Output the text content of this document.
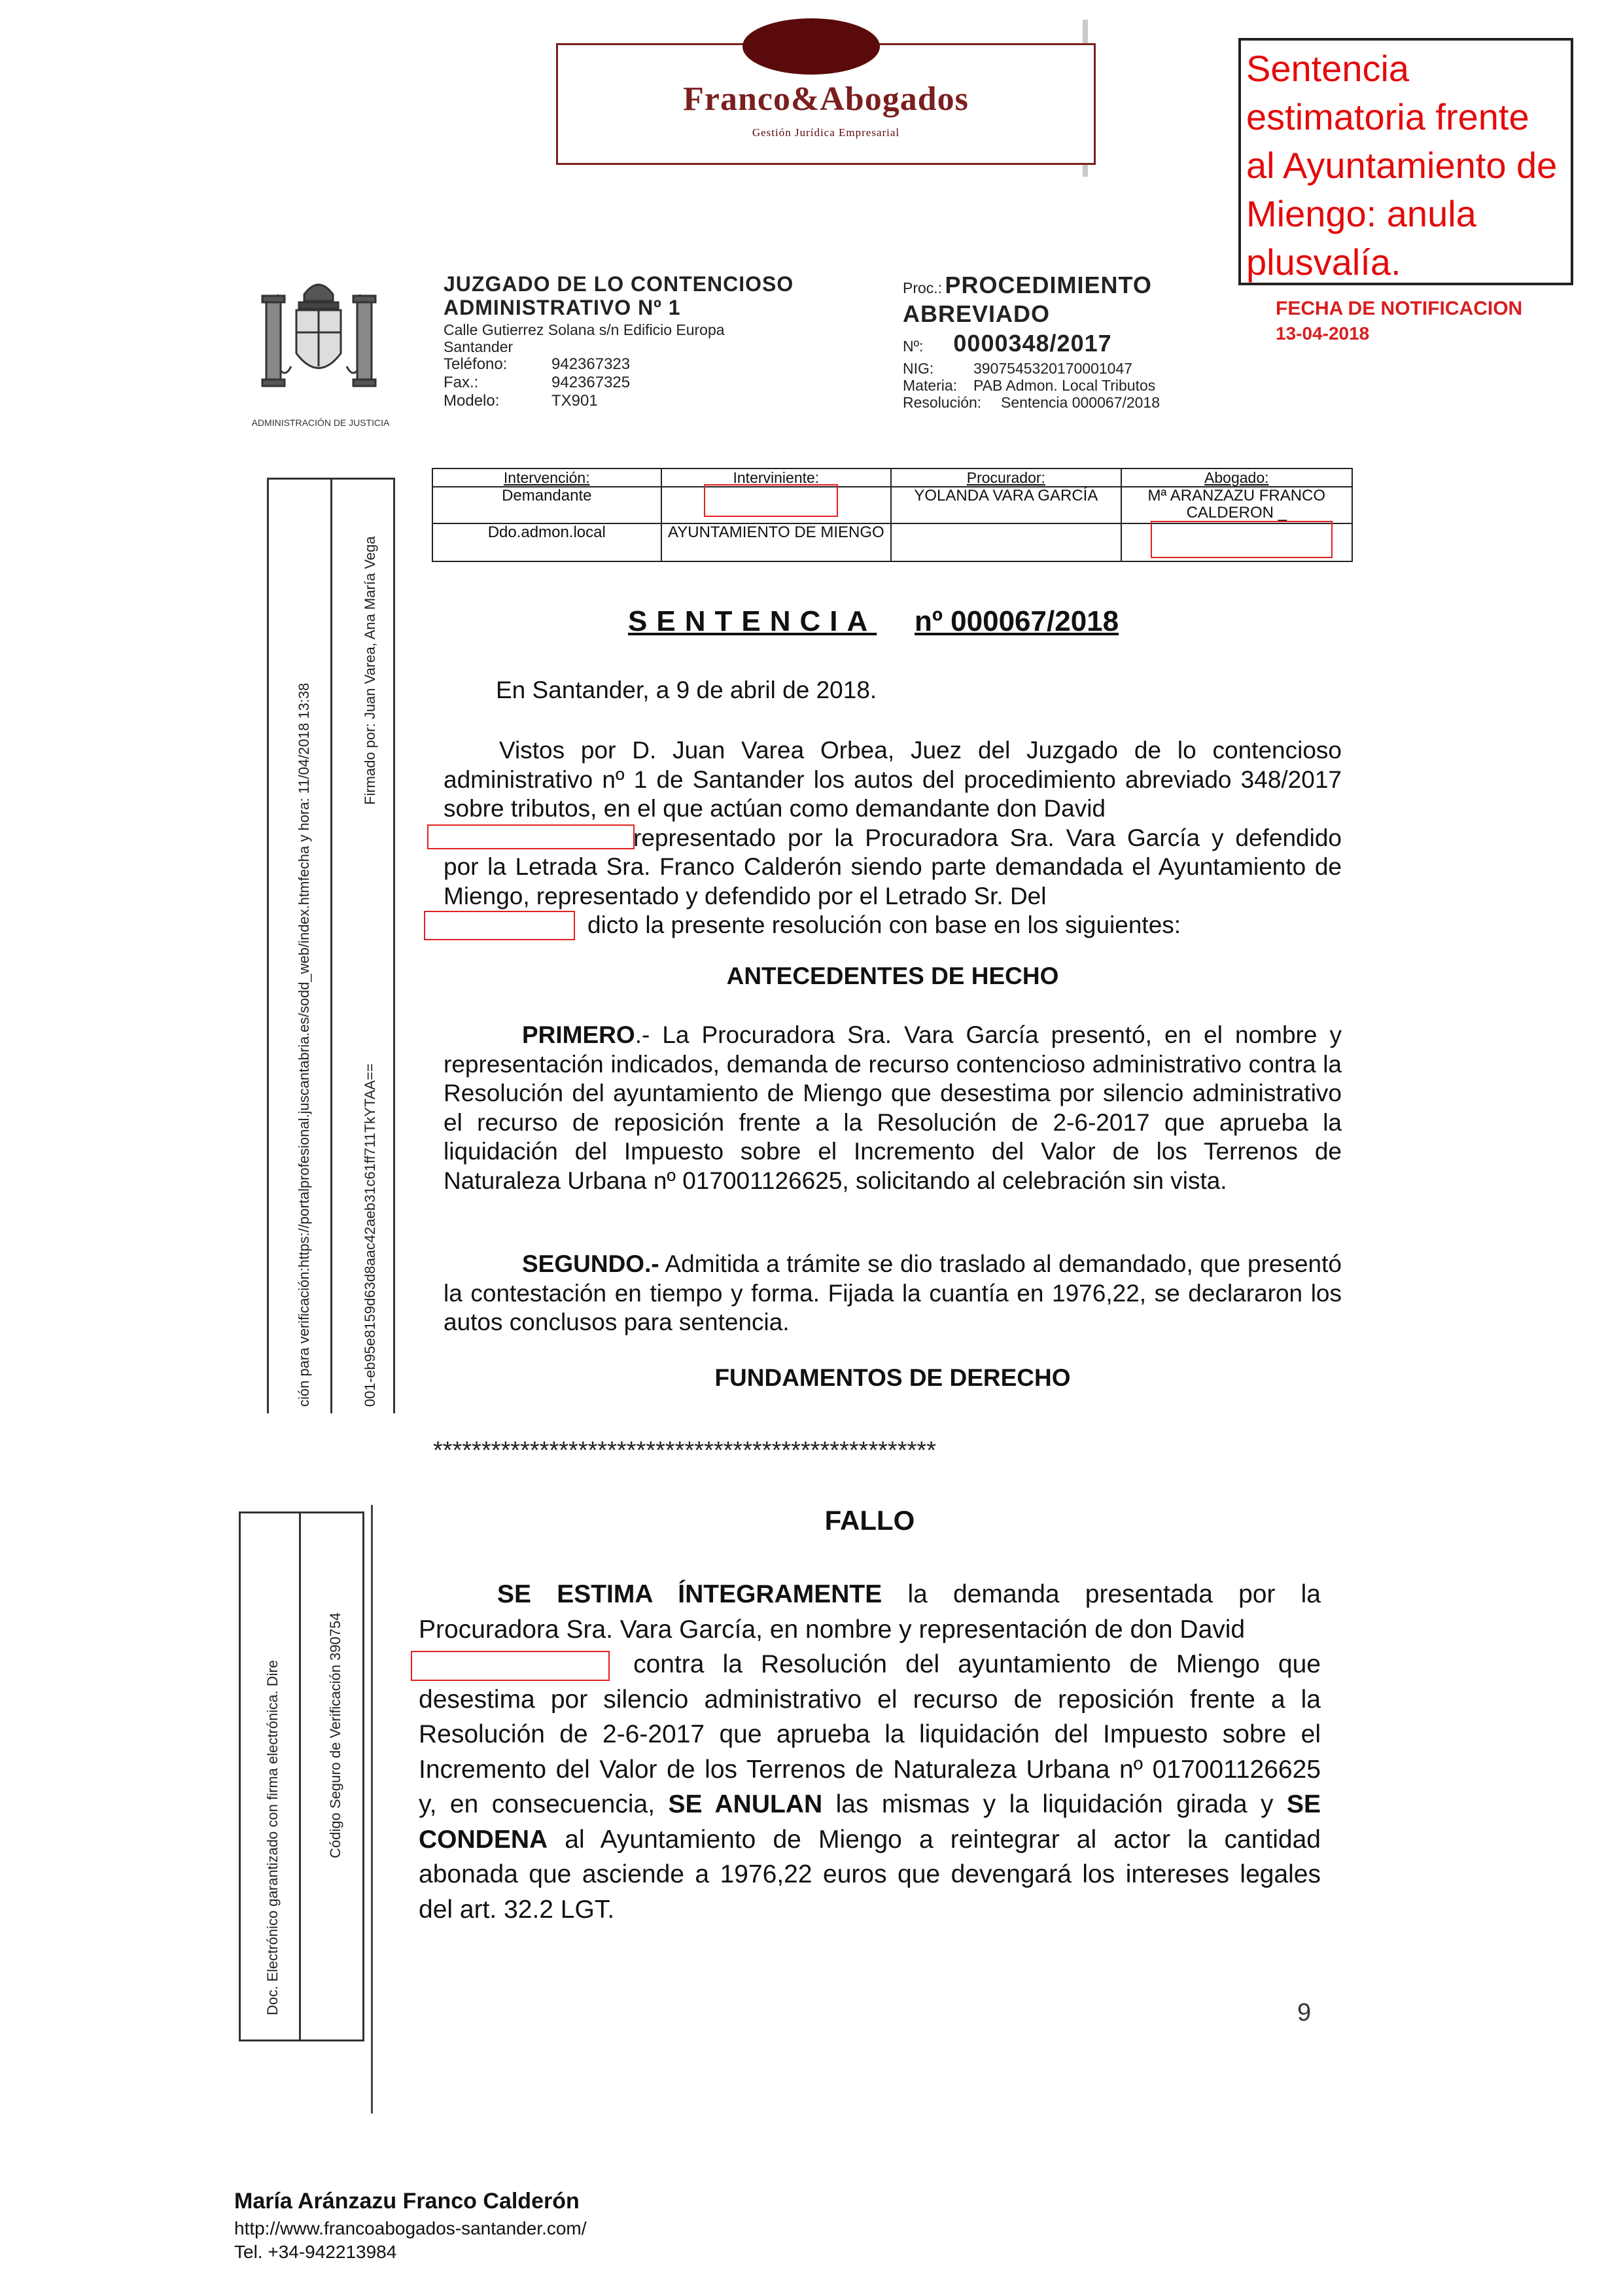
Franco&Abogados
Gestión Jurídica Empresarial
Sentencia estimatoria frente al Ayuntamiento de Miengo: anula plusvalía.
FECHA DE NOTIFICACION
13-04-2018
ADMINISTRACIÓN DE JUSTICIA
JUZGADO DE LO CONTENCIOSO
ADMINISTRATIVO Nº 1
Calle Gutierrez Solana s/n Edificio Europa
Santander
Teléfono:	942367323
Fax.:	942367325
Modelo:	TX901
Proc.: PROCEDIMIENTO
ABREVIADO
Nº: 0000348/2017
NIG:	3907545320170001047
Materia: PAB Admon. Local Tributos
Resolución: Sentencia 000067/2018
ción para verificación:https://portalprofesional.juscantabria.es/sodd_web/index.htmfecha y hora: 11/04/2018 13:38
Firmado por: Juan Varea, Ana María Vega
001-eb95e8159d63d8aac42aeb31c61ff711TkYTAA==
Doc. Electrónico garantizado con firma electrónica. Dire	Código Seguro de Verificación 390754
Intervención:	Interviniente:	Procurador:	Abogado:
Demandante		YOLANDA VARA GARCÍA	Mª ARANZAZU FRANCO CALDERON _
Ddo.admon.local	AYUNTAMIENTO DE MIENGO		
SENTENCIA nº 000067/2018
En Santander, a 9 de abril de 2018.
Vistos por D. Juan Varea Orbea, Juez del Juzgado de lo contencioso administrativo nº 1 de Santander los autos del procedimiento abreviado 348/2017 sobre tributos, en el que actúan como demandante don David
representado por la Procuradora Sra. Vara García y defendido por la Letrada Sra. Franco Calderón siendo parte demandada el Ayuntamiento de Miengo, representado y defendido por el Letrado Sr. Del
dicto la presente resolución con base en los siguientes:
ANTECEDENTES DE HECHO
PRIMERO.- La Procuradora Sra. Vara García presentó, en el nombre y representación indicados, demanda de recurso contencioso administrativo contra la Resolución del ayuntamiento de Miengo que desestima por silencio administrativo el recurso de reposición frente a la Resolución de 2-6-2017 que aprueba la liquidación del Impuesto sobre el Incremento del Valor de los Terrenos de Naturaleza Urbana nº 017001126625, solicitando al celebración sin vista.
SEGUNDO.- Admitida a trámite se dio traslado al demandado, que presentó la contestación en tiempo y forma. Fijada la cuantía en 1976,22, se declararon los autos conclusos para sentencia.
FUNDAMENTOS DE DERECHO
****************************************************
FALLO
SE ESTIMA ÍNTEGRAMENTE la demanda presentada por la Procuradora Sra. Vara García, en nombre y representación de don David
contra la Resolución del ayuntamiento de Miengo que desestima por silencio administrativo el recurso de reposición frente a la Resolución de 2-6-2017 que aprueba la liquidación del Impuesto sobre el Incremento del Valor de los Terrenos de Naturaleza Urbana nº 017001126625 y, en consecuencia, SE ANULAN las mismas y la liquidación girada y SE CONDENA al Ayuntamiento de Miengo a reintegrar al actor la cantidad abonada que asciende a 1976,22 euros que devengará los intereses legales del art. 32.2 LGT.
9
María Aránzazu Franco Calderón
http://www.francoabogados-santander.com/
Tel. +34-942213984
